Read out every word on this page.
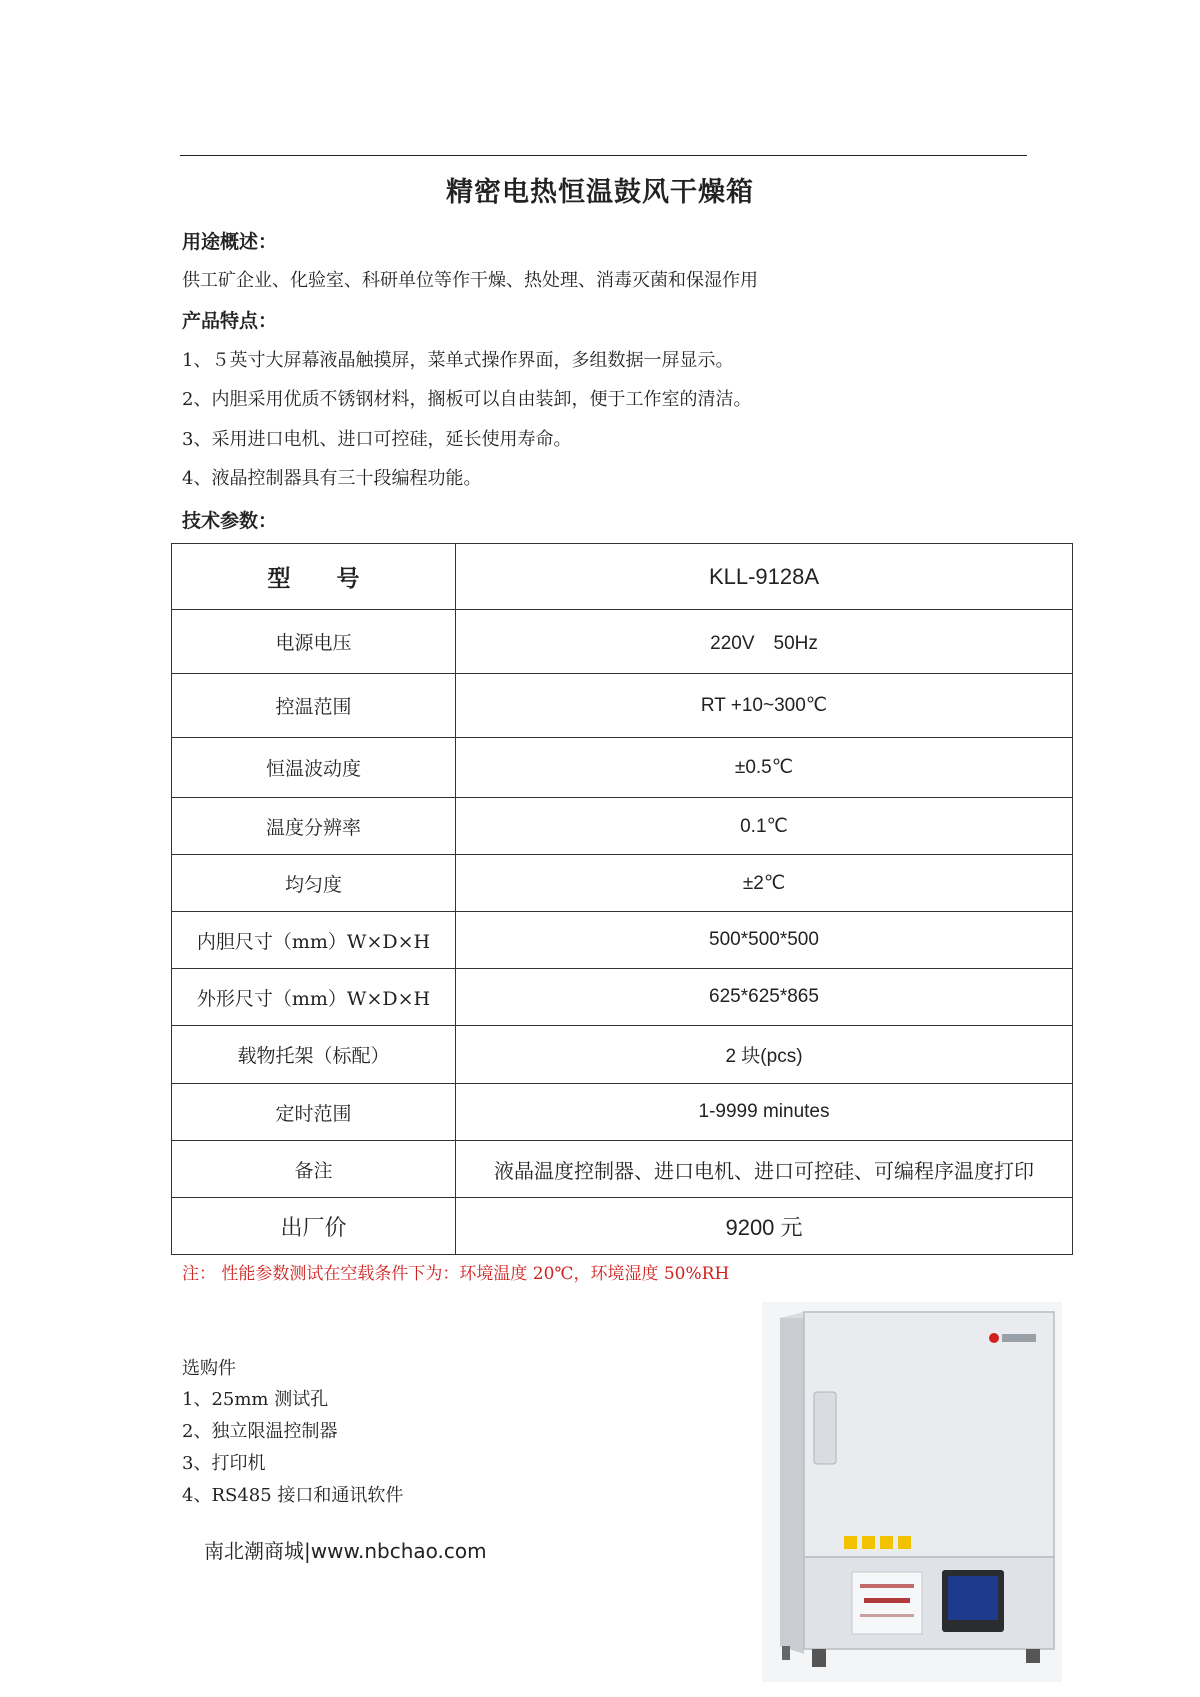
精密电热恒温鼓风干燥箱
用途概述：
供工矿企业、化验室、科研单位等作干燥、热处理、消毒灭菌和保湿作用
产品特点：
1、５英寸大屏幕液晶触摸屏，菜单式操作界面，多组数据一屏显示。
2、内胆采用优质不锈钢材料，搁板可以自由装卸，便于工作室的清洁。
3、采用进口电机、进口可控硅，延长使用寿命。
4、液晶控制器具有三十段编程功能。
技术参数：
型　　号	KLL-9128A
电源电压	220V　50Hz
控温范围	RT +10~300℃
恒温波动度	±0.5℃
温度分辨率	0.1℃
均匀度	±2℃
内胆尺寸（mm）W×D×H	500*500*500
外形尺寸（mm）W×D×H	625*625*865
载物托架（标配）	2 块(pcs)
定时范围	1-9999 minutes
备注	液晶温度控制器、进口电机、进口可控硅、可编程序温度打印
出厂价	9200 元
注： 性能参数测试在空载条件下为：环境温度 20℃，环境湿度 50%RH
选购件
1、25mm 测试孔
2、独立限温控制器
3、打印机
4、RS485 接口和通讯软件
南北潮商城|www.nbchao.com
